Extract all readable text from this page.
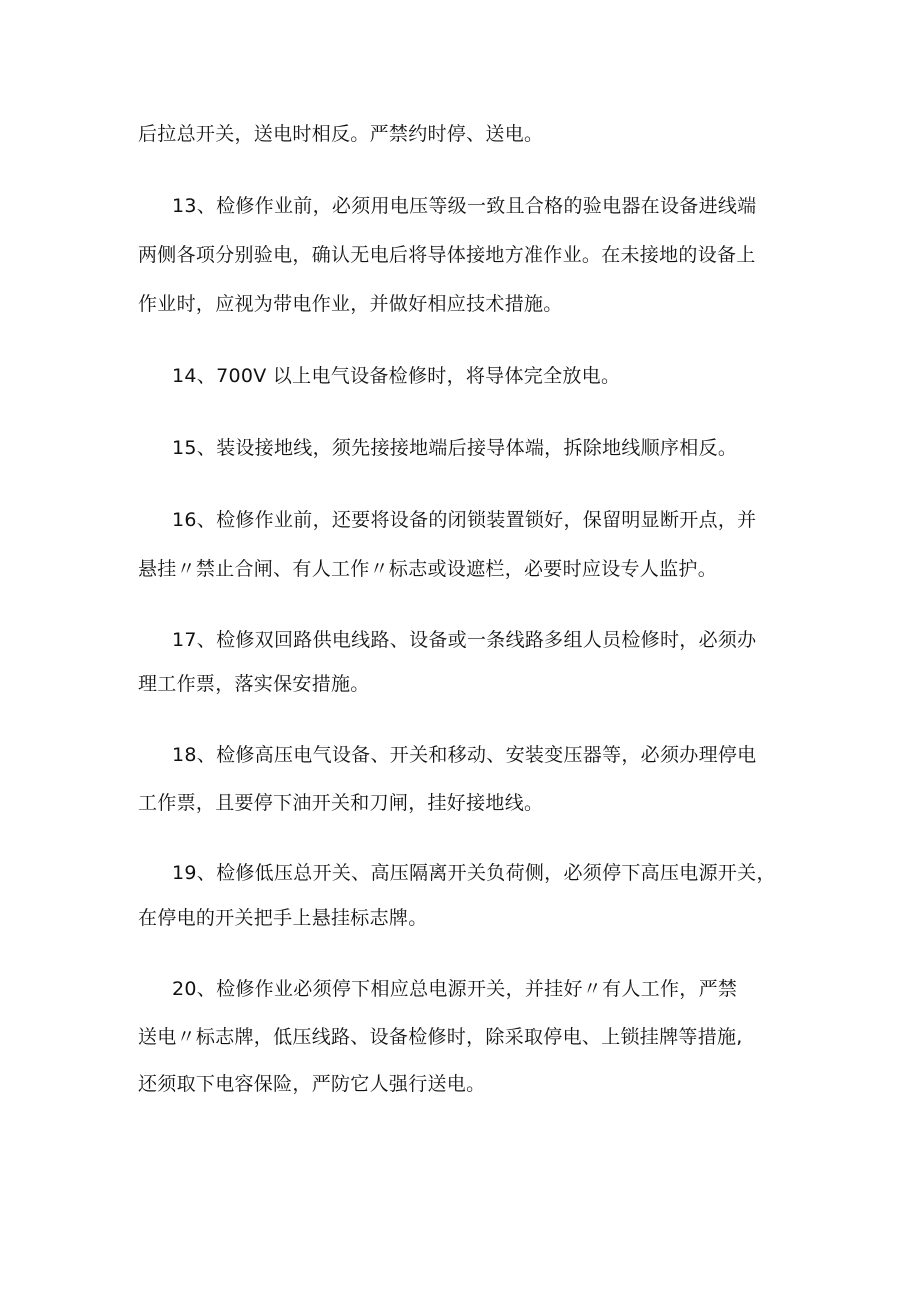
后拉总开关，送电时相反。严禁约时停、送电。
13、检修作业前，必须用电压等级一致且合格的验电器在设备进线端
两侧各项分别验电，确认无电后将导体接地方准作业。在未接地的设备上
作业时，应视为带电作业，并做好相应技术措施。
14、700V 以上电气设备检修时，将导体完全放电。
15、装设接地线，须先接接地端后接导体端，拆除地线顺序相反。
16、检修作业前，还要将设备的闭锁装置锁好，保留明显断开点，并
悬挂〃禁止合闸、有人工作〃标志或设遮栏，必要时应设专人监护。
17、检修双回路供电线路、设备或一条线路多组人员检修时，必须办
理工作票，落实保安措施。
18、检修高压电气设备、开关和移动、安装变压器等，必须办理停电
工作票，且要停下油开关和刀闸，挂好接地线。
19、检修低压总开关、高压隔离开关负荷侧，必须停下高压电源开关，
在停电的开关把手上悬挂标志牌。
20、检修作业必须停下相应总电源开关，并挂好〃有人工作，严禁
送电〃标志牌，低压线路、设备检修时，除采取停电、上锁挂牌等措施,
还须取下电容保险，严防它人强行送电。
